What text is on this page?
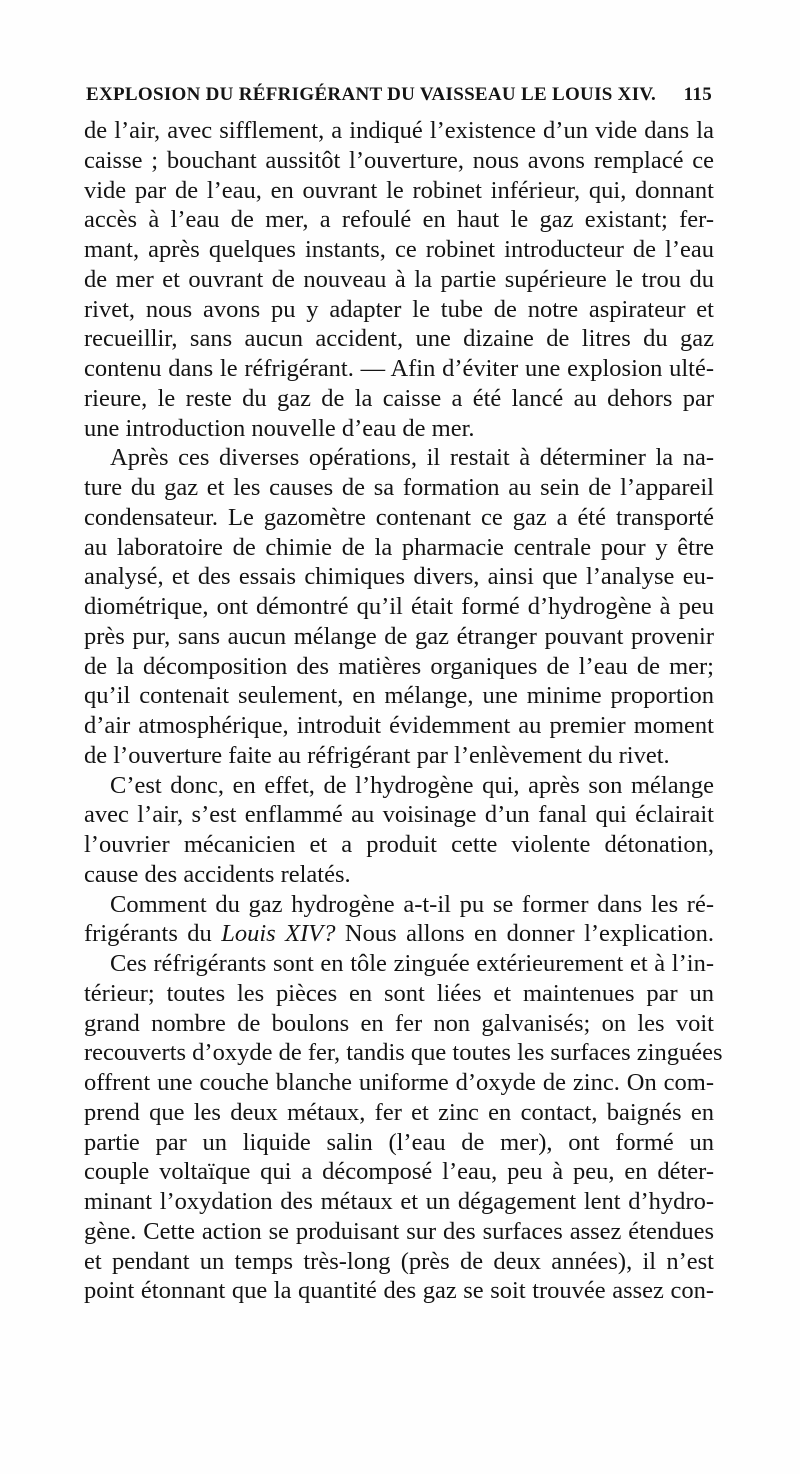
EXPLOSION DU RÉFRIGÉRANT DU VAISSEAU LE LOUIS XIV. 115
de l’air, avec sifflement, a indiqué l’existence d’un vide dans la
caisse ; bouchant aussitôt l’ouverture, nous avons remplacé ce
vide par de l’eau, en ouvrant le robinet inférieur, qui, donnant
accès à l’eau de mer, a refoulé en haut le gaz existant; fer-
mant, après quelques instants, ce robinet introducteur de l’eau
de mer et ouvrant de nouveau à la partie supérieure le trou du
rivet, nous avons pu y adapter le tube de notre aspirateur et
recueillir, sans aucun accident, une dizaine de litres du gaz
contenu dans le réfrigérant. — Afin d’éviter une explosion ulté-
rieure, le reste du gaz de la caisse a été lancé au dehors par
une introduction nouvelle d’eau de mer.
Après ces diverses opérations, il restait à déterminer la na-
ture du gaz et les causes de sa formation au sein de l’appareil
condensateur. Le gazomètre contenant ce gaz a été transporté
au laboratoire de chimie de la pharmacie centrale pour y être
analysé, et des essais chimiques divers, ainsi que l’analyse eu-
diométrique, ont démontré qu’il était formé d’hydrogène à peu
près pur, sans aucun mélange de gaz étranger pouvant provenir
de la décomposition des matières organiques de l’eau de mer;
qu’il contenait seulement, en mélange, une minime proportion
d’air atmosphérique, introduit évidemment au premier moment
de l’ouverture faite au réfrigérant par l’enlèvement du rivet.
C’est donc, en effet, de l’hydrogène qui, après son mélange
avec l’air, s’est enflammé au voisinage d’un fanal qui éclairait
l’ouvrier mécanicien et a produit cette violente détonation,
cause des accidents relatés.
Comment du gaz hydrogène a-t-il pu se former dans les ré-
frigérants du Louis XIV? Nous allons en donner l’explication.
Ces réfrigérants sont en tôle zinguée extérieurement et à l’in-
térieur; toutes les pièces en sont liées et maintenues par un
grand nombre de boulons en fer non galvanisés; on les voit
recouverts d’oxyde de fer, tandis que toutes les surfaces zinguées
offrent une couche blanche uniforme d’oxyde de zinc. On com-
prend que les deux métaux, fer et zinc en contact, baignés en
partie par un liquide salin (l’eau de mer), ont formé un
couple voltaïque qui a décomposé l’eau, peu à peu, en déter-
minant l’oxydation des métaux et un dégagement lent d’hydro-
gène. Cette action se produisant sur des surfaces assez étendues
et pendant un temps très-long (près de deux années), il n’est
point étonnant que la quantité des gaz se soit trouvée assez con-
